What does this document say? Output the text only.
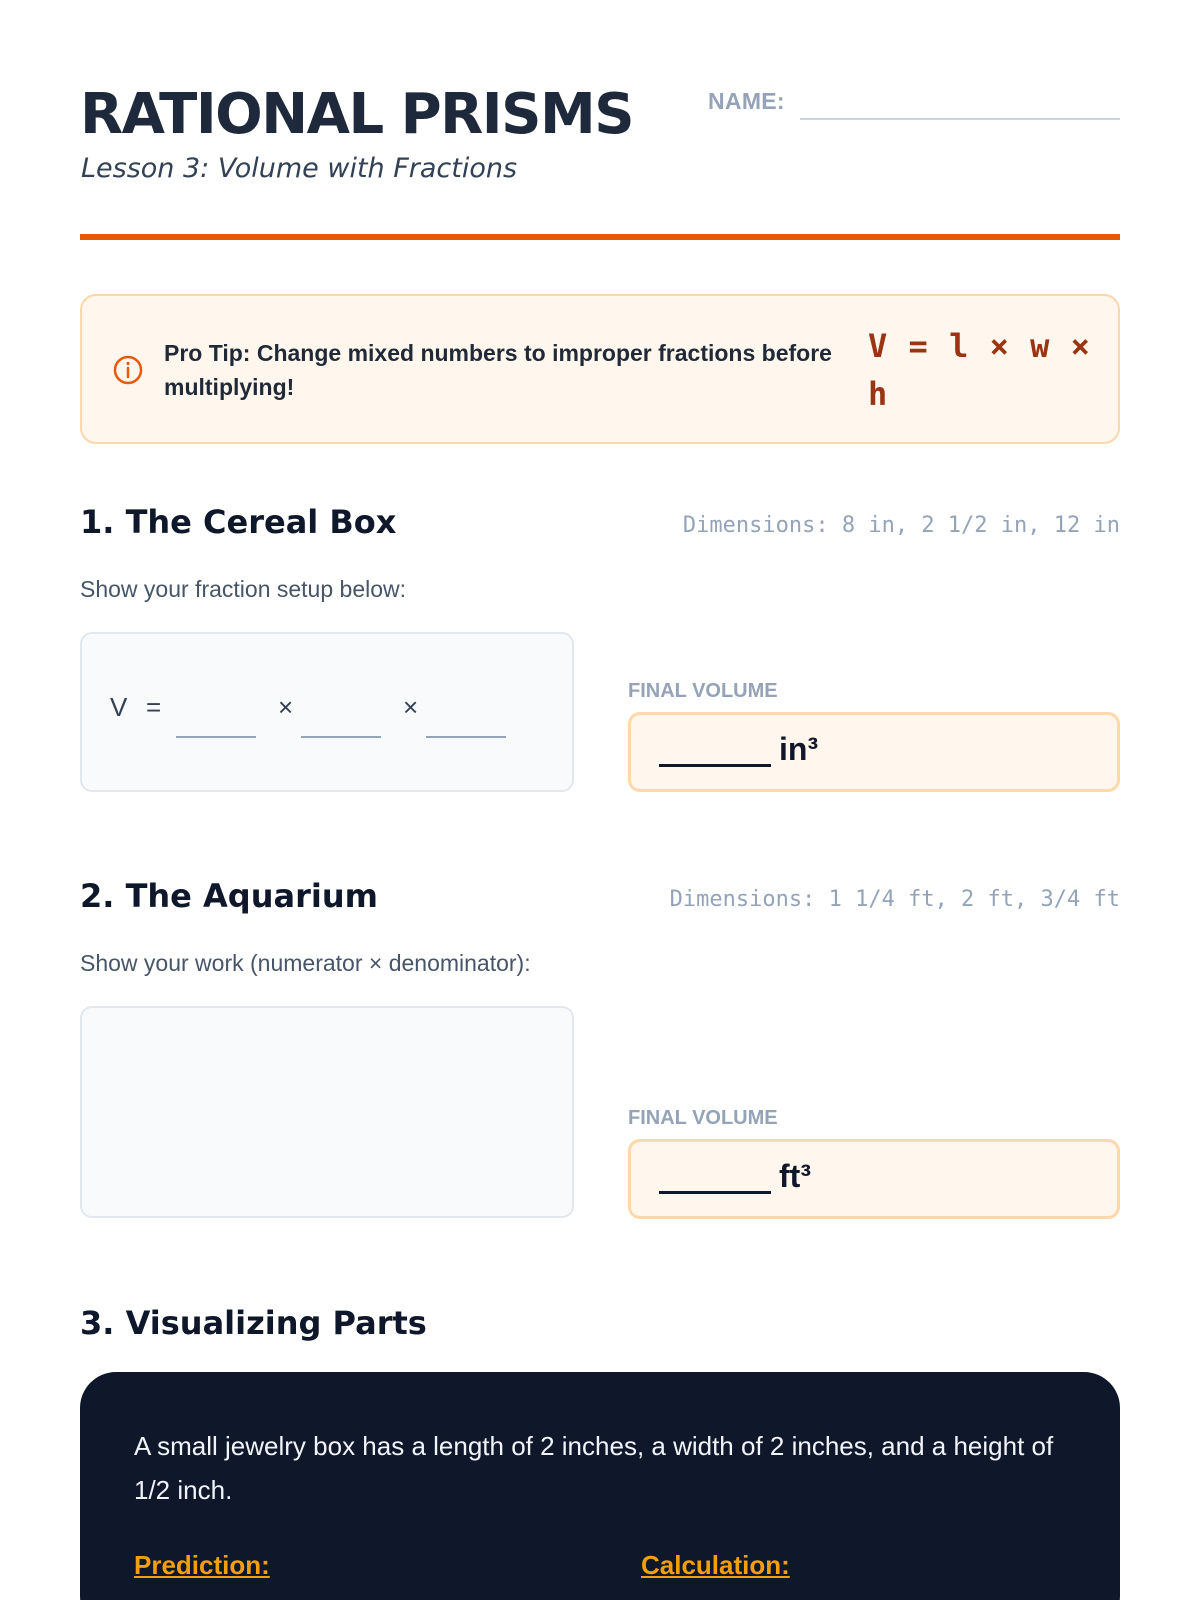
RATIONAL PRISMS
Lesson 3: Volume with Fractions
NAME:
Pro Tip: Change mixed numbers to improper fractions before multiplying!
V = l × w × h
1. The Cereal Box	Dimensions: 8 in, 2 1/2 in, 12 in
Show your fraction setup below:
V =	×	×
FINAL VOLUME
in³
2. The Aquarium	Dimensions: 1 1/4 ft, 2 ft, 3/4 ft
Show your work (numerator × denominator):
FINAL VOLUME
ft³
3. Visualizing Parts
A small jewelry box has a length of 2 inches, a width of 2 inches, and a height of 1/2 inch.
Prediction:	Calculation:
